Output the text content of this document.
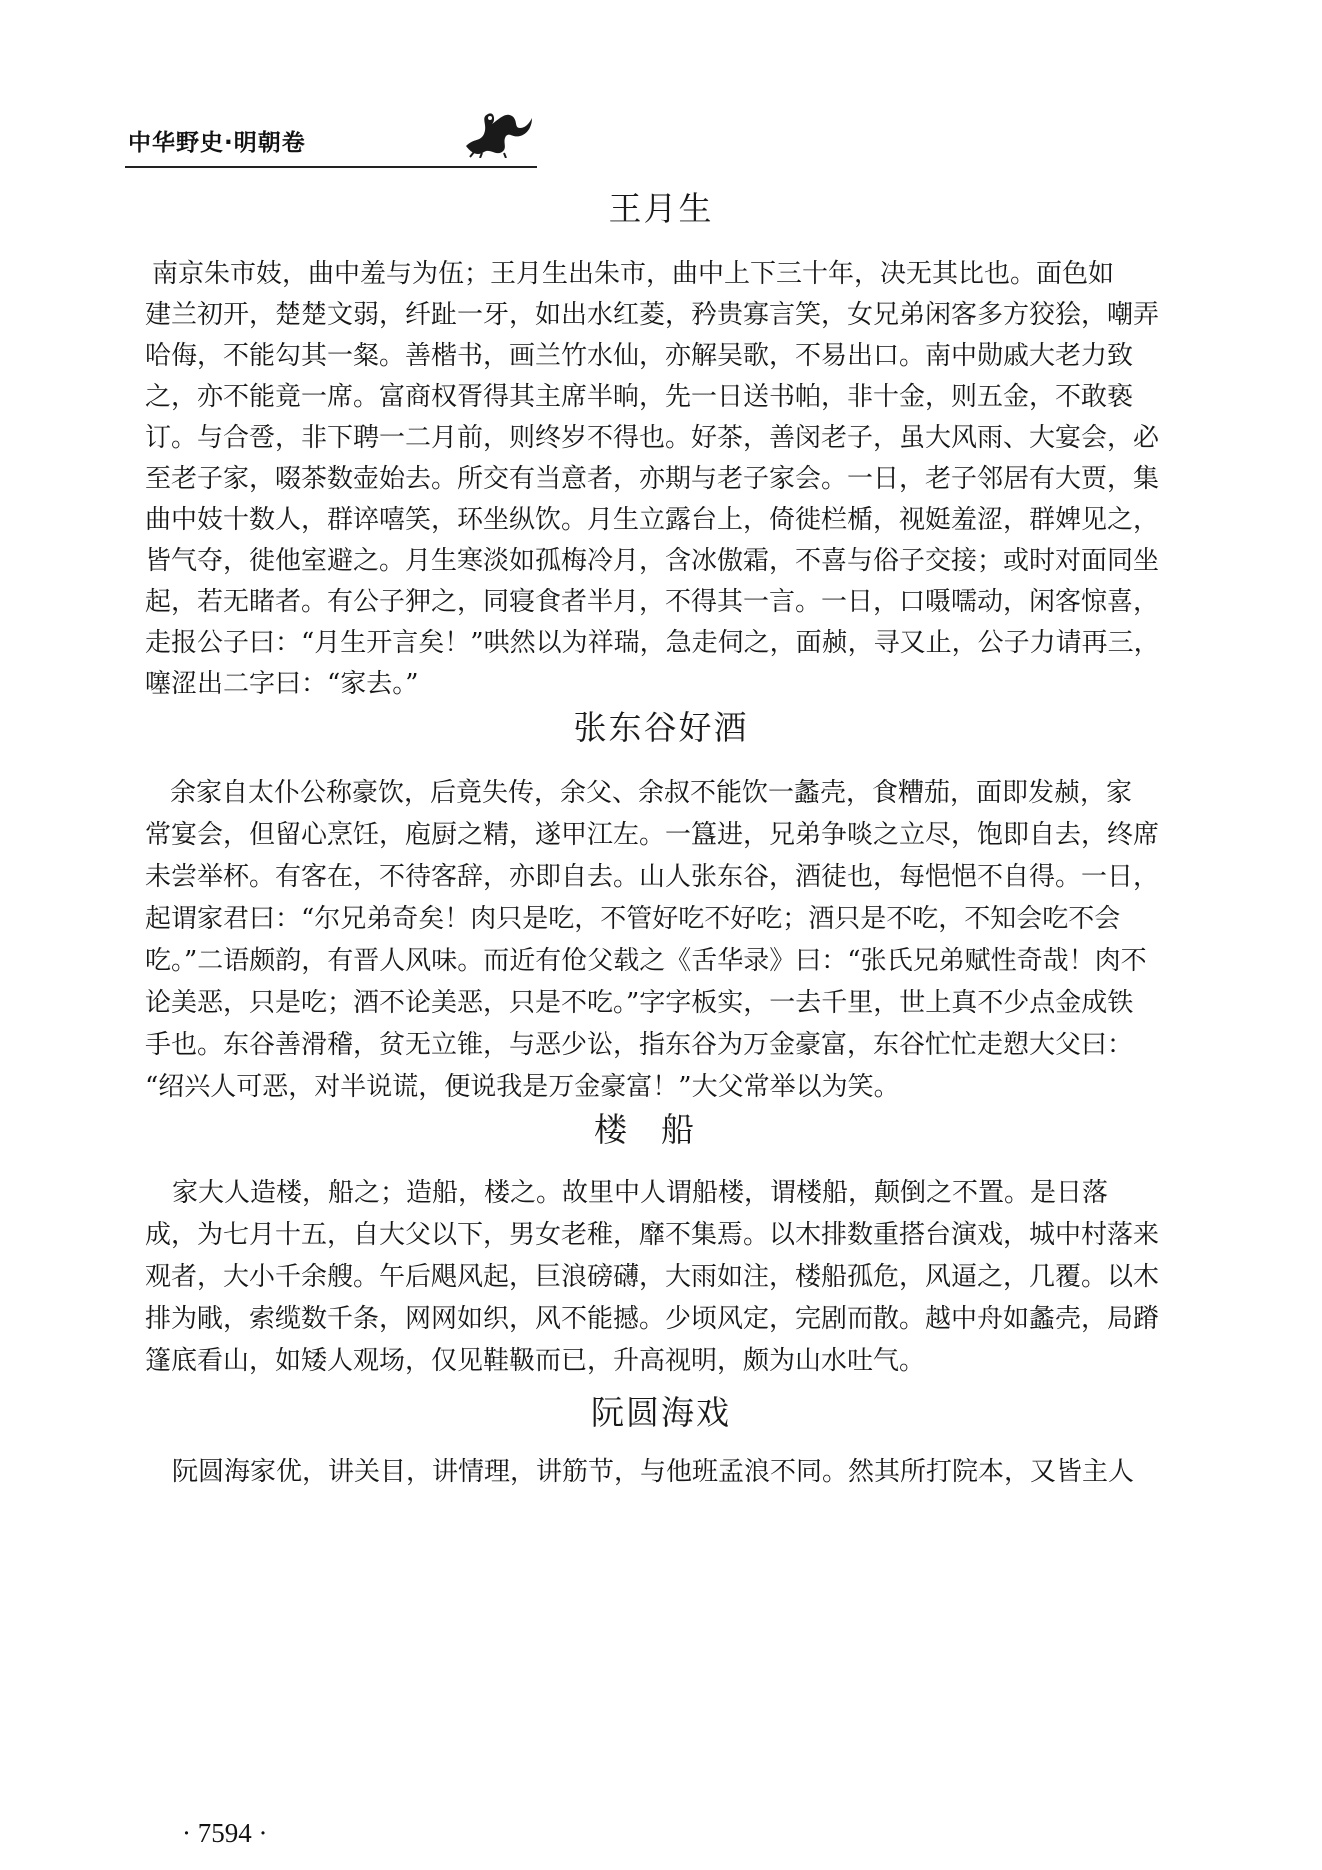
中华野史·明朝卷
王月生
南京朱市妓，曲中羞与为伍；王月生出朱市，曲中上下三十年，决无其比也。面色如
建兰初开，楚楚文弱，纤趾一牙，如出水红菱，矜贵寡言笑，女兄弟闲客多方狡狯，嘲弄
哈侮，不能勾其一粲。善楷书，画兰竹水仙，亦解吴歌，不易出口。南中勋戚大老力致
之，亦不能竟一席。富商权胥得其主席半晌，先一日送书帕，非十金，则五金，不敢亵
订。与合卺，非下聘一二月前，则终岁不得也。好茶，善闵老子，虽大风雨、大宴会，必
至老子家，啜茶数壶始去。所交有当意者，亦期与老子家会。一日，老子邻居有大贾，集
曲中妓十数人，群谇嘻笑，环坐纵饮。月生立露台上，倚徙栏楯，视娗羞涩，群婢见之，
皆气夺，徙他室避之。月生寒淡如孤梅冷月，含冰傲霜，不喜与俗子交接；或时对面同坐
起，若无睹者。有公子狎之，同寝食者半月，不得其一言。一日，口嗫嚅动，闲客惊喜，
走报公子曰：“月生开言矣！”哄然以为祥瑞，急走伺之，面赪，寻又止，公子力请再三，
噻涩出二字曰：“家去。”
张东谷好酒
余家自太仆公称豪饮，后竟失传，余父、余叔不能饮一蠡壳，食糟茄，面即发赪，家
常宴会，但留心烹饪，庖厨之精，遂甲江左。一簋进，兄弟争啖之立尽，饱即自去，终席
未尝举杯。有客在，不待客辞，亦即自去。山人张东谷，酒徒也，每悒悒不自得。一日，
起谓家君曰：“尔兄弟奇矣！肉只是吃，不管好吃不好吃；酒只是不吃，不知会吃不会
吃。”二语颇韵，有晋人风味。而近有伧父载之《舌华录》曰：“张氏兄弟赋性奇哉！肉不
论美恶，只是吃；酒不论美恶，只是不吃。”字字板实，一去千里，世上真不少点金成铁
手也。东谷善滑稽，贫无立锥，与恶少讼，指东谷为万金豪富，东谷忙忙走愬大父曰：
“绍兴人可恶，对半说谎，便说我是万金豪富！”大父常举以为笑。
楼船
家大人造楼，船之；造船，楼之。故里中人谓船楼，谓楼船，颠倒之不置。是日落
成，为七月十五，自大父以下，男女老稚，靡不集焉。以木排数重搭台演戏，城中村落来
观者，大小千余艘。午后飓风起，巨浪磅礴，大雨如注，楼船孤危，风逼之，几覆。以木
排为戙，索缆数千条，网网如织，风不能撼。少顷风定，完剧而散。越中舟如蠡壳，局蹐
篷底看山，如矮人观场，仅见鞋靸而已，升高视明，颇为山水吐气。
阮圆海戏
阮圆海家优，讲关目，讲情理，讲筋节，与他班孟浪不同。然其所打院本，又皆主人
· 7594 ·
